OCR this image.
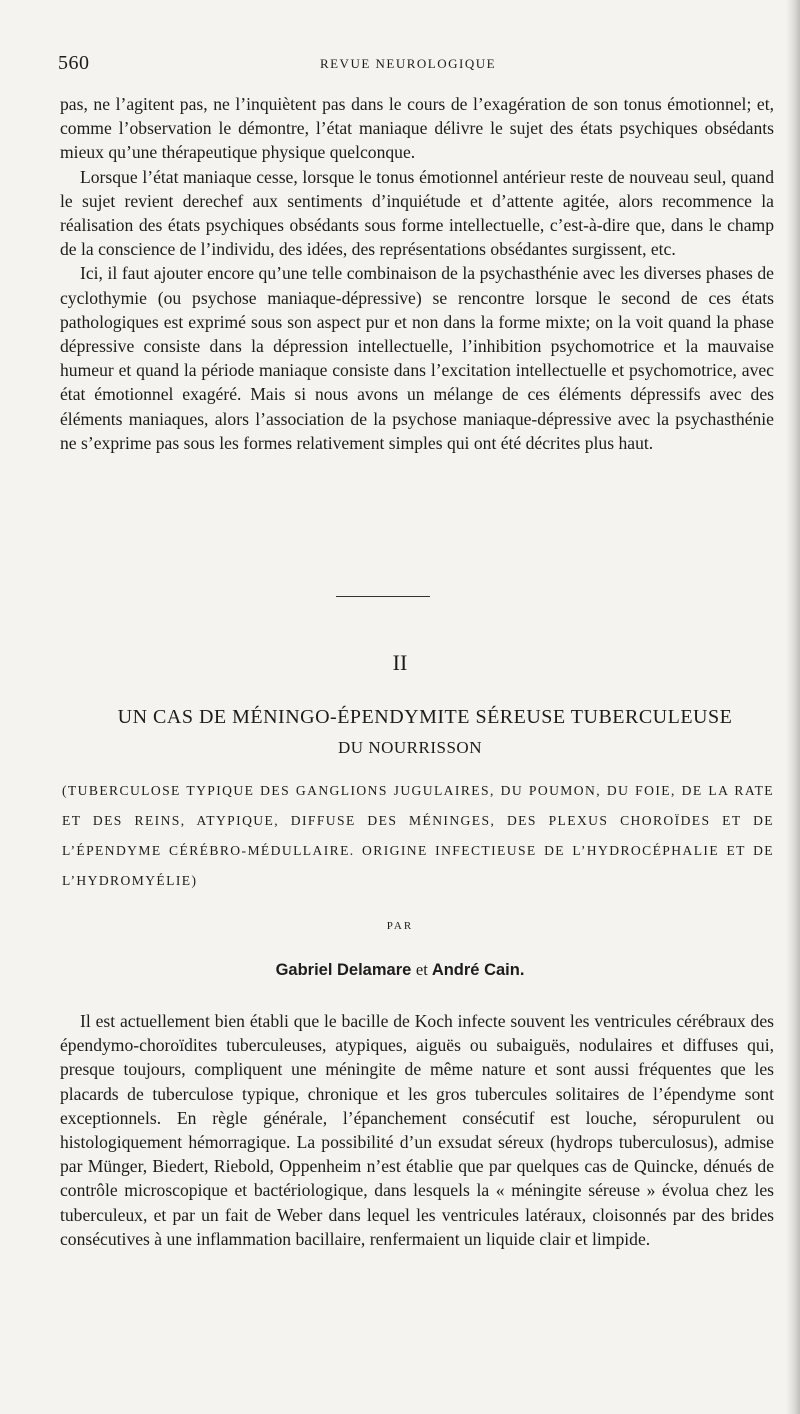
560	REVUE NEUROLOGIQUE

pas, ne l’agitent pas, ne l’inquiètent pas dans le cours de l’exagération de son tonus émotionnel; et, comme l’observation le démontre, l’état maniaque délivre le sujet des états psychiques obsédants mieux qu’une thérapeutique physique quelconque.

Lorsque l’état maniaque cesse, lorsque le tonus émotionnel antérieur reste de nouveau seul, quand le sujet revient derechef aux sentiments d’inquiétude et d’attente agitée, alors recommence la réalisation des états psychiques obsédants sous forme intellectuelle, c’est-à-dire que, dans le champ de la conscience de l’individu, des idées, des représentations obsédantes surgissent, etc.

Ici, il faut ajouter encore qu’une telle combinaison de la psychasthénie avec les diverses phases de cyclothymie (ou psychose maniaque-dépressive) se rencontre lorsque le second de ces états pathologiques est exprimé sous son aspect pur et non dans la forme mixte; on la voit quand la phase dépressive consiste dans la dépression intellectuelle, l’inhibition psychomotrice et la mauvaise humeur et quand la période maniaque consiste dans l’excitation intellectuelle et psychomotrice, avec état émotionnel exagéré. Mais si nous avons un mélange de ces éléments dépressifs avec des éléments maniaques, alors l’association de la psychose maniaque-dépressive avec la psychasthénie ne s’exprime pas sous les formes relativement simples qui ont été décrites plus haut.

II
UN CAS DE MÉNINGO-ÉPENDYMITE SÉREUSE TUBERCULEUSE
DU NOURRISSON

(TUBERCULOSE TYPIQUE DES GANGLIONS JUGULAIRES, DU POUMON, DU FOIE, DE LA RATE ET DES REINS, ATYPIQUE, DIFFUSE DES MÉNINGES, DES PLEXUS CHOROÏDES ET DE L’ÉPENDYME CÉRÉBRO-MÉDULLAIRE. ORIGINE INFECTIEUSE DE L’HYDROCÉPHALIE ET DE L’HYDROMYÉLIE)

PAR
Gabriel Delamare et André Cain.

Il est actuellement bien établi que le bacille de Koch infecte souvent les ventricules cérébraux des épendymo-choroïdites tuberculeuses, atypiques, aiguës ou subaiguës, nodulaires et diffuses qui, presque toujours, compliquent une méningite de même nature et sont aussi fréquentes que les placards de tuberculose typique, chronique et les gros tubercules solitaires de l’épendyme sont exceptionnels. En règle générale, l’épanchement consécutif est louche, séropurulent ou histologiquement hémorragique. La possibilité d’un exsudat séreux (hydrops tuberculosus), admise par Münger, Biedert, Riebold, Oppenheim n’est établie que par quelques cas de Quincke, dénués de contrôle microscopique et bactériologique, dans lesquels la « méningite séreuse » évolua chez les tuberculeux, et par un fait de Weber dans lequel les ventricules latéraux, cloisonnés par des brides consécutives à une inflammation bacillaire, renfermaient un liquide clair et limpide.
